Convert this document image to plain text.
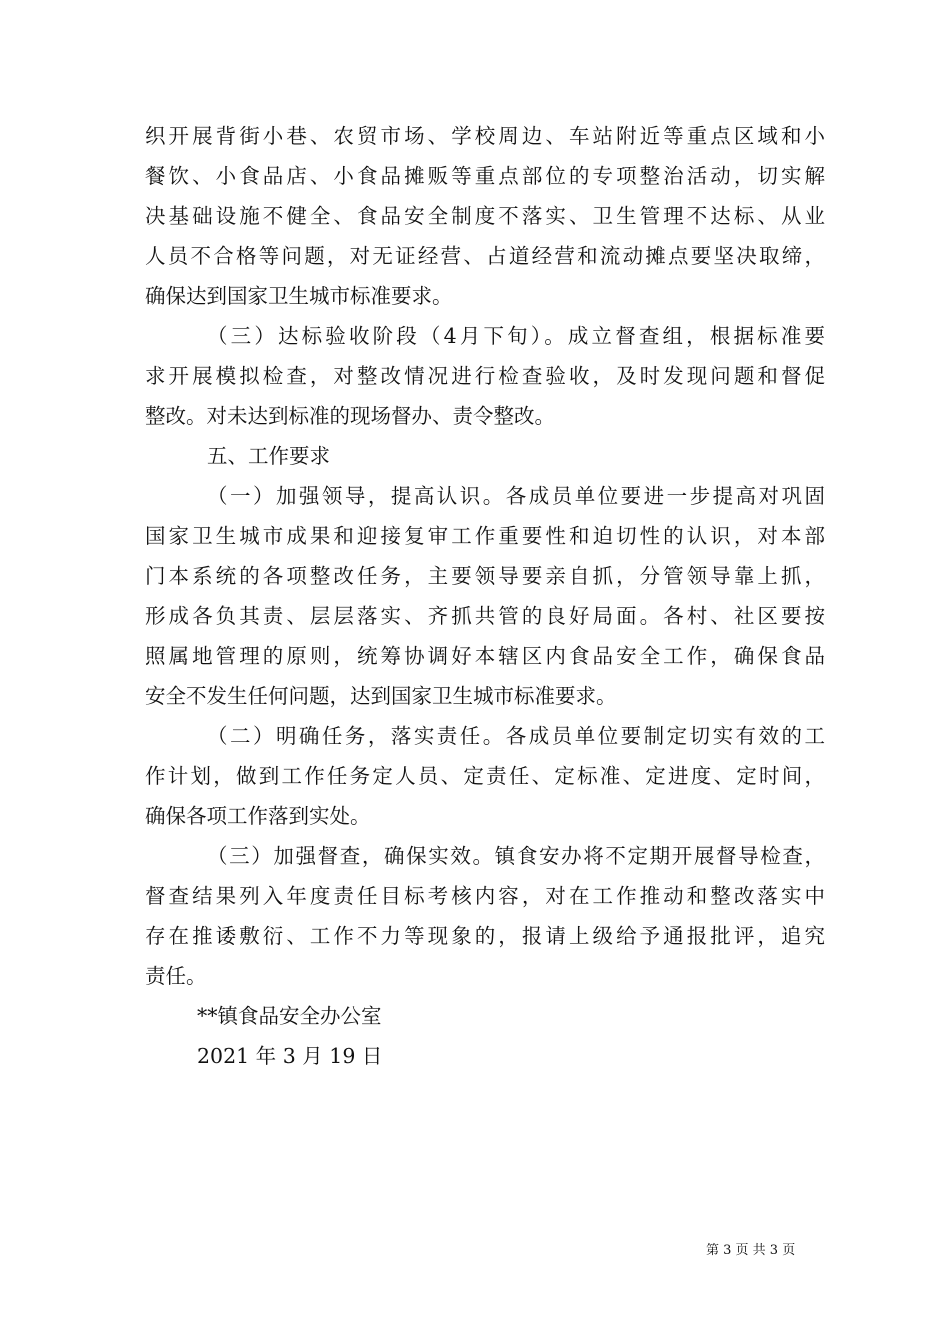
织开展背街小巷、农贸市场、学校周边、车站附近等重点区域和小
餐饮、小食品店、小食品摊贩等重点部位的专项整治活动，切实解
决基础设施不健全、食品安全制度不落实、卫生管理不达标、从业
人员不合格等问题，对无证经营、占道经营和流动摊点要坚决取缔，
确保达到国家卫生城市标准要求。
（三）达标验收阶段（4月下旬）。成立督查组，根据标准要
求开展模拟检查，对整改情况进行检查验收，及时发现问题和督促
整改。对未达到标准的现场督办、责令整改。
五、工作要求
（一）加强领导，提高认识。各成员单位要进一步提高对巩固
国家卫生城市成果和迎接复审工作重要性和迫切性的认识，对本部
门本系统的各项整改任务，主要领导要亲自抓，分管领导靠上抓，
形成各负其责、层层落实、齐抓共管的良好局面。各村、社区要按
照属地管理的原则，统筹协调好本辖区内食品安全工作，确保食品
安全不发生任何问题，达到国家卫生城市标准要求。
（二）明确任务，落实责任。各成员单位要制定切实有效的工
作计划，做到工作任务定人员、定责任、定标准、定进度、定时间，
确保各项工作落到实处。
（三）加强督查，确保实效。镇食安办将不定期开展督导检查，
督查结果列入年度责任目标考核内容，对在工作推动和整改落实中
存在推诿敷衍、工作不力等现象的，报请上级给予通报批评，追究
责任。
**镇食品安全办公室
2021 年 3 月 19 日
第 3 页 共 3 页
